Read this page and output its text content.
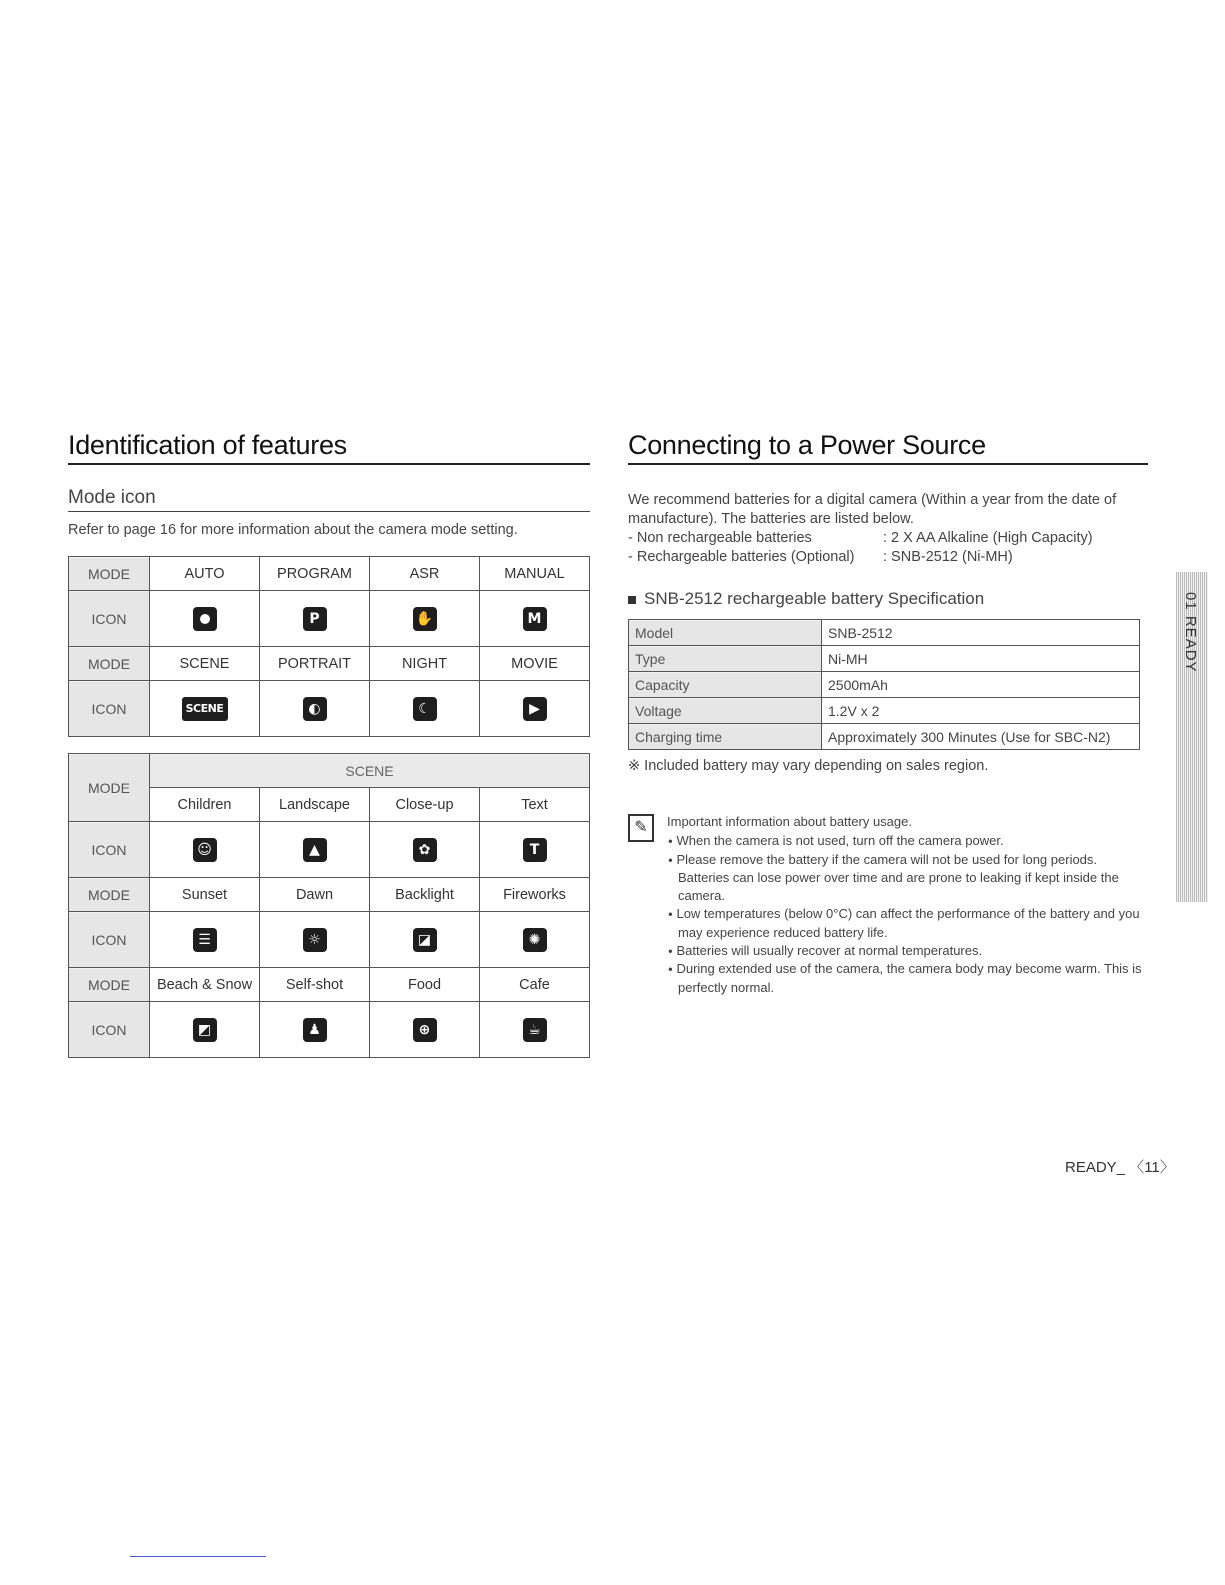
Identification of features
Mode icon
Refer to page 16 for more information about the camera mode setting.
MODE	AUTO	PROGRAM	ASR	MANUAL
ICON		P	✋	M
MODE	SCENE	PORTRAIT	NIGHT	MOVIE
ICON	SCENE	◐	☾	▶
MODE	SCENE			
	Children	Landscape	Close-up	Text
ICON	☺	▲	✿	T
MODE	Sunset	Dawn	Backlight	Fireworks
ICON	☰	☼	◪	✺
MODE	Beach & Snow	Self-shot	Food	Cafe
ICON	◩	♟	⊕	☕
Connecting to a Power Source
We recommend batteries for a digital camera (Within a year from the date of manufacture). The batteries are listed below.
- Non rechargeable batteries	: 2 X AA Alkaline (High Capacity)
- Rechargeable batteries (Optional)	: SNB-2512 (Ni-MH)
SNB-2512 rechargeable battery Specification
Model	SNB-2512
Type	Ni-MH
Capacity	2500mAh
Voltage	1.2V x 2
Charging time	Approximately 300 Minutes (Use for SBC-N2)
※ Included battery may vary depending on sales region.
✎	Important information about battery usage.
● When the camera is not used, turn off the camera power.
● Please remove the battery if the camera will not be used for long periods. Batteries can lose power over time and are prone to leaking if kept inside the camera.
● Low temperatures (below 0°C) can affect the performance of the battery and you may experience reduced battery life.
● Batteries will usually recover at normal temperatures.
● During extended use of the camera, the camera body may become warm. This is perfectly normal.
01 READY
READY_ 〈11〉
